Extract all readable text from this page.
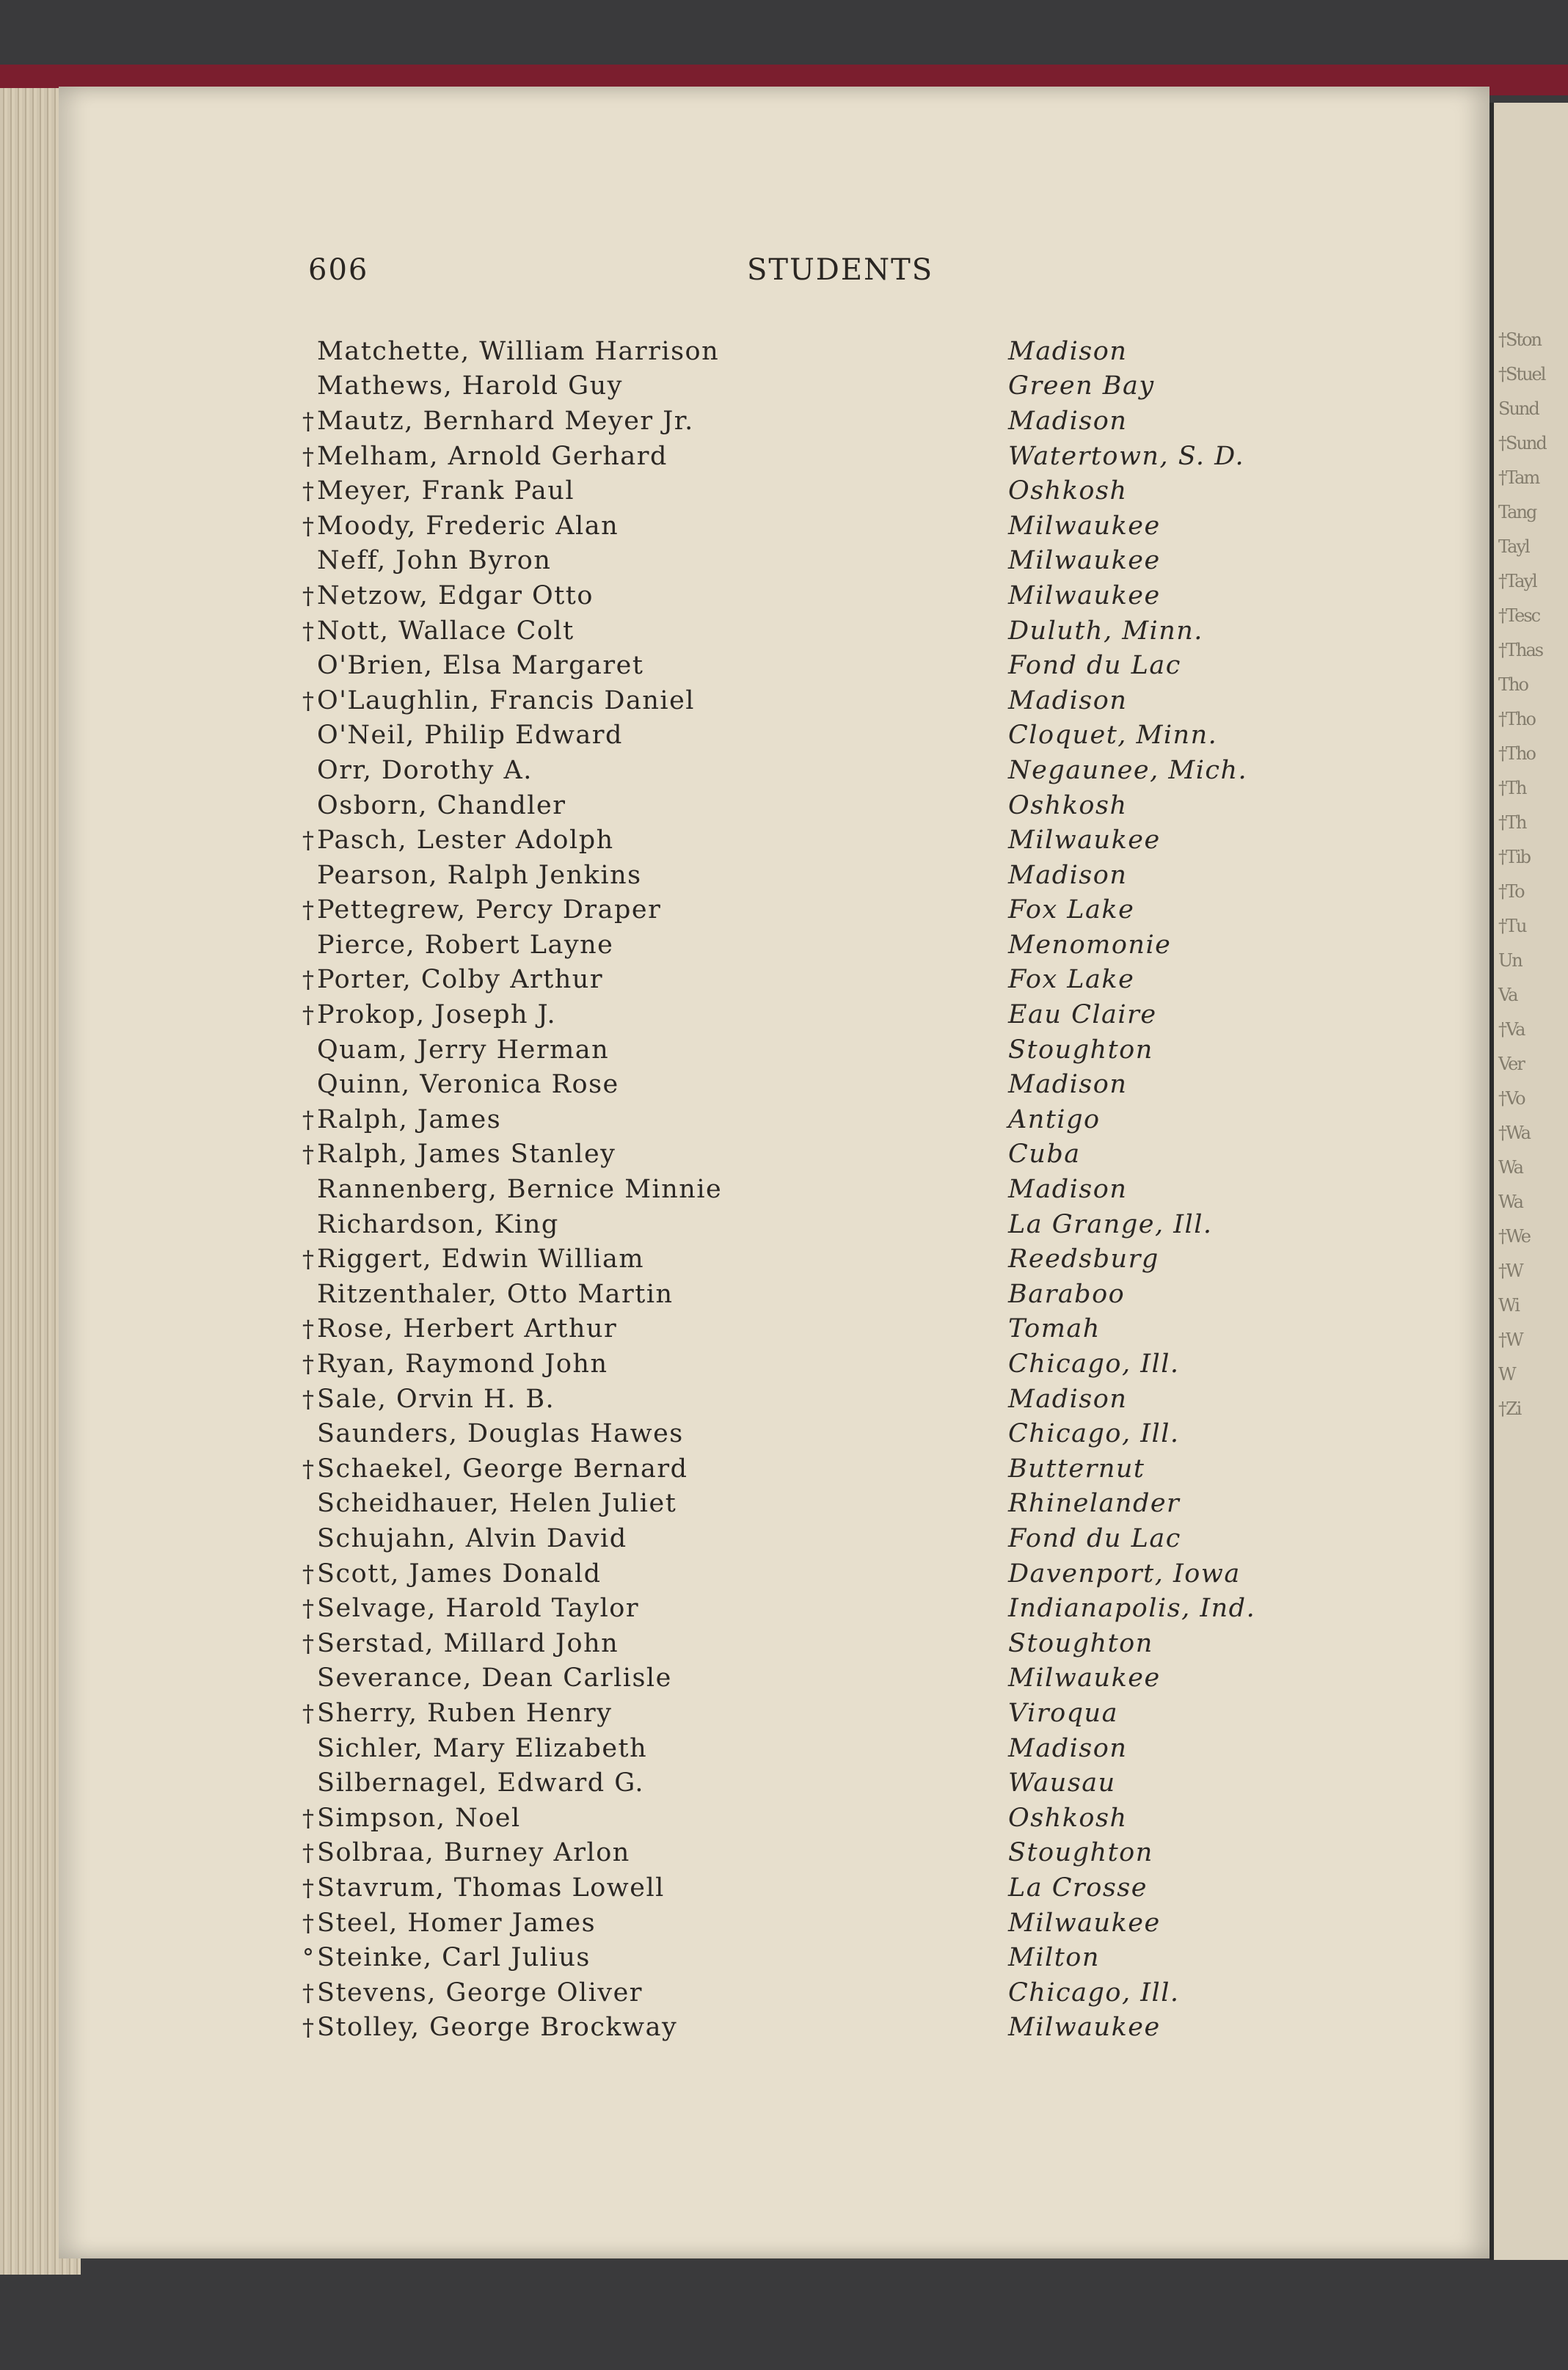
†Ston
†Stuel
Sund
†Sund
†Tam
Tang
Tayl
†Tayl
†Tesc
†Thas
Tho
†Tho
†Tho
†Th
†Th
†Tib
†To
†Tu
Un
Va
†Va
Ver
†Vo
†Wa
Wa
Wa
†We
†W
Wi
†W
W
†Zi
606	STUDENTS
Matchette, William Harrison	Madison
Mathews, Harold Guy	Green Bay
† Mautz, Bernhard Meyer Jr.	Madison
† Melham, Arnold Gerhard	Watertown, S. D.
† Meyer, Frank Paul	Oshkosh
† Moody, Frederic Alan	Milwaukee
Neff, John Byron	Milwaukee
† Netzow, Edgar Otto	Milwaukee
† Nott, Wallace Colt	Duluth, Minn.
O'Brien, Elsa Margaret	Fond du Lac
† O'Laughlin, Francis Daniel	Madison
O'Neil, Philip Edward	Cloquet, Minn.
Orr, Dorothy A.	Negaunee, Mich.
Osborn, Chandler	Oshkosh
† Pasch, Lester Adolph	Milwaukee
Pearson, Ralph Jenkins	Madison
† Pettegrew, Percy Draper	Fox Lake
Pierce, Robert Layne	Menomonie
† Porter, Colby Arthur	Fox Lake
† Prokop, Joseph J.	Eau Claire
Quam, Jerry Herman	Stoughton
Quinn, Veronica Rose	Madison
† Ralph, James	Antigo
† Ralph, James Stanley	Cuba
Rannenberg, Bernice Minnie	Madison
Richardson, King	La Grange, Ill.
† Riggert, Edwin William	Reedsburg
Ritzenthaler, Otto Martin	Baraboo
† Rose, Herbert Arthur	Tomah
† Ryan, Raymond John	Chicago, Ill.
† Sale, Orvin H. B.	Madison
Saunders, Douglas Hawes	Chicago, Ill.
† Schaekel, George Bernard	Butternut
Scheidhauer, Helen Juliet	Rhinelander
Schujahn, Alvin David	Fond du Lac
† Scott, James Donald	Davenport, Iowa
† Selvage, Harold Taylor	Indianapolis, Ind.
† Serstad, Millard John	Stoughton
Severance, Dean Carlisle	Milwaukee
† Sherry, Ruben Henry	Viroqua
Sichler, Mary Elizabeth	Madison
Silbernagel, Edward G.	Wausau
† Simpson, Noel	Oshkosh
† Solbraa, Burney Arlon	Stoughton
† Stavrum, Thomas Lowell	La Crosse
† Steel, Homer James	Milwaukee
° Steinke, Carl Julius	Milton
† Stevens, George Oliver	Chicago, Ill.
† Stolley, George Brockway	Milwaukee
